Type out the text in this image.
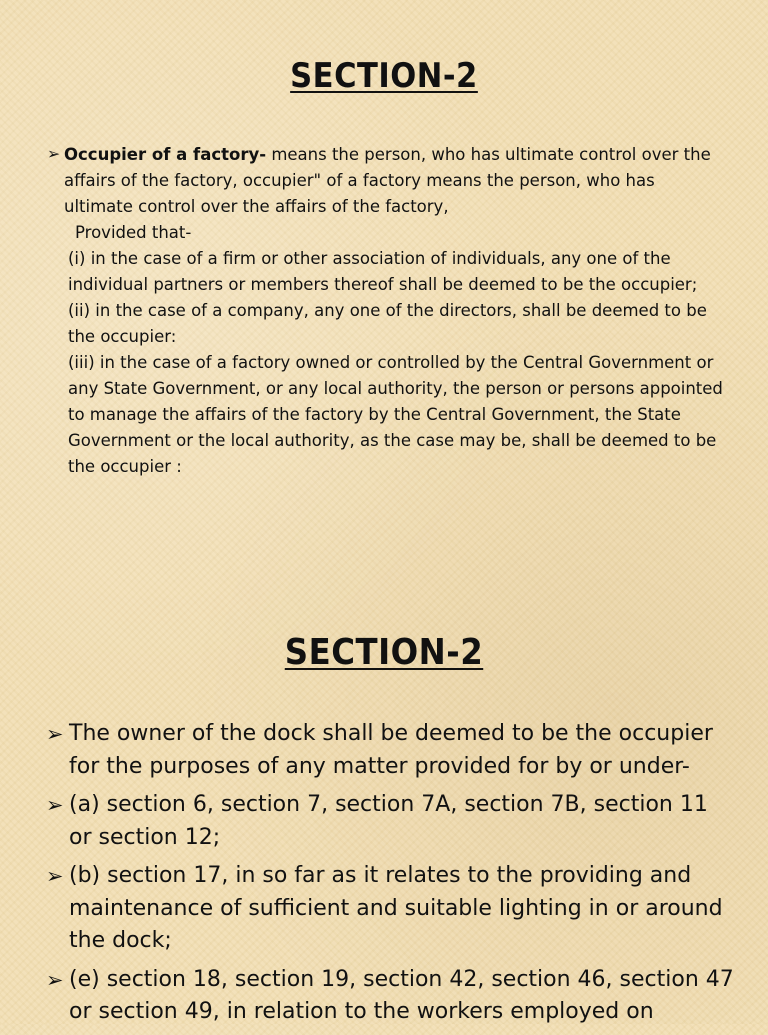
SECTION-2
➢ Occupier of a factory- means the person, who has ultimate control over the affairs of the factory, occupier" of a factory means the person, who has ultimate control over the affairs of the factory,
Provided that-
(i) in the case of a firm or other association of individuals, any one of the individual partners or members thereof shall be deemed to be the occupier;
(ii) in the case of a company, any one of the directors, shall be deemed to be the occupier:
(iii) in the case of a factory owned or controlled by the Central Government or any State Government, or any local authority, the person or persons appointed to manage the affairs of the factory by the Central Government, the State Government or the local authority, as the case may be, shall be deemed to be the occupier :
SECTION-2
➢ The owner of the dock shall be deemed to be the occupier for the purposes of any matter provided for by or under-
➢ (a) section 6, section 7, section 7A, section 7B, section 11 or section 12;
➢ (b) section 17, in so far as it relates to the providing and maintenance of sufficient and suitable lighting in or around the dock;
➢ (e) section 18, section 19, section 42, section 46, section 47 or section 49, in relation to the workers employed on
